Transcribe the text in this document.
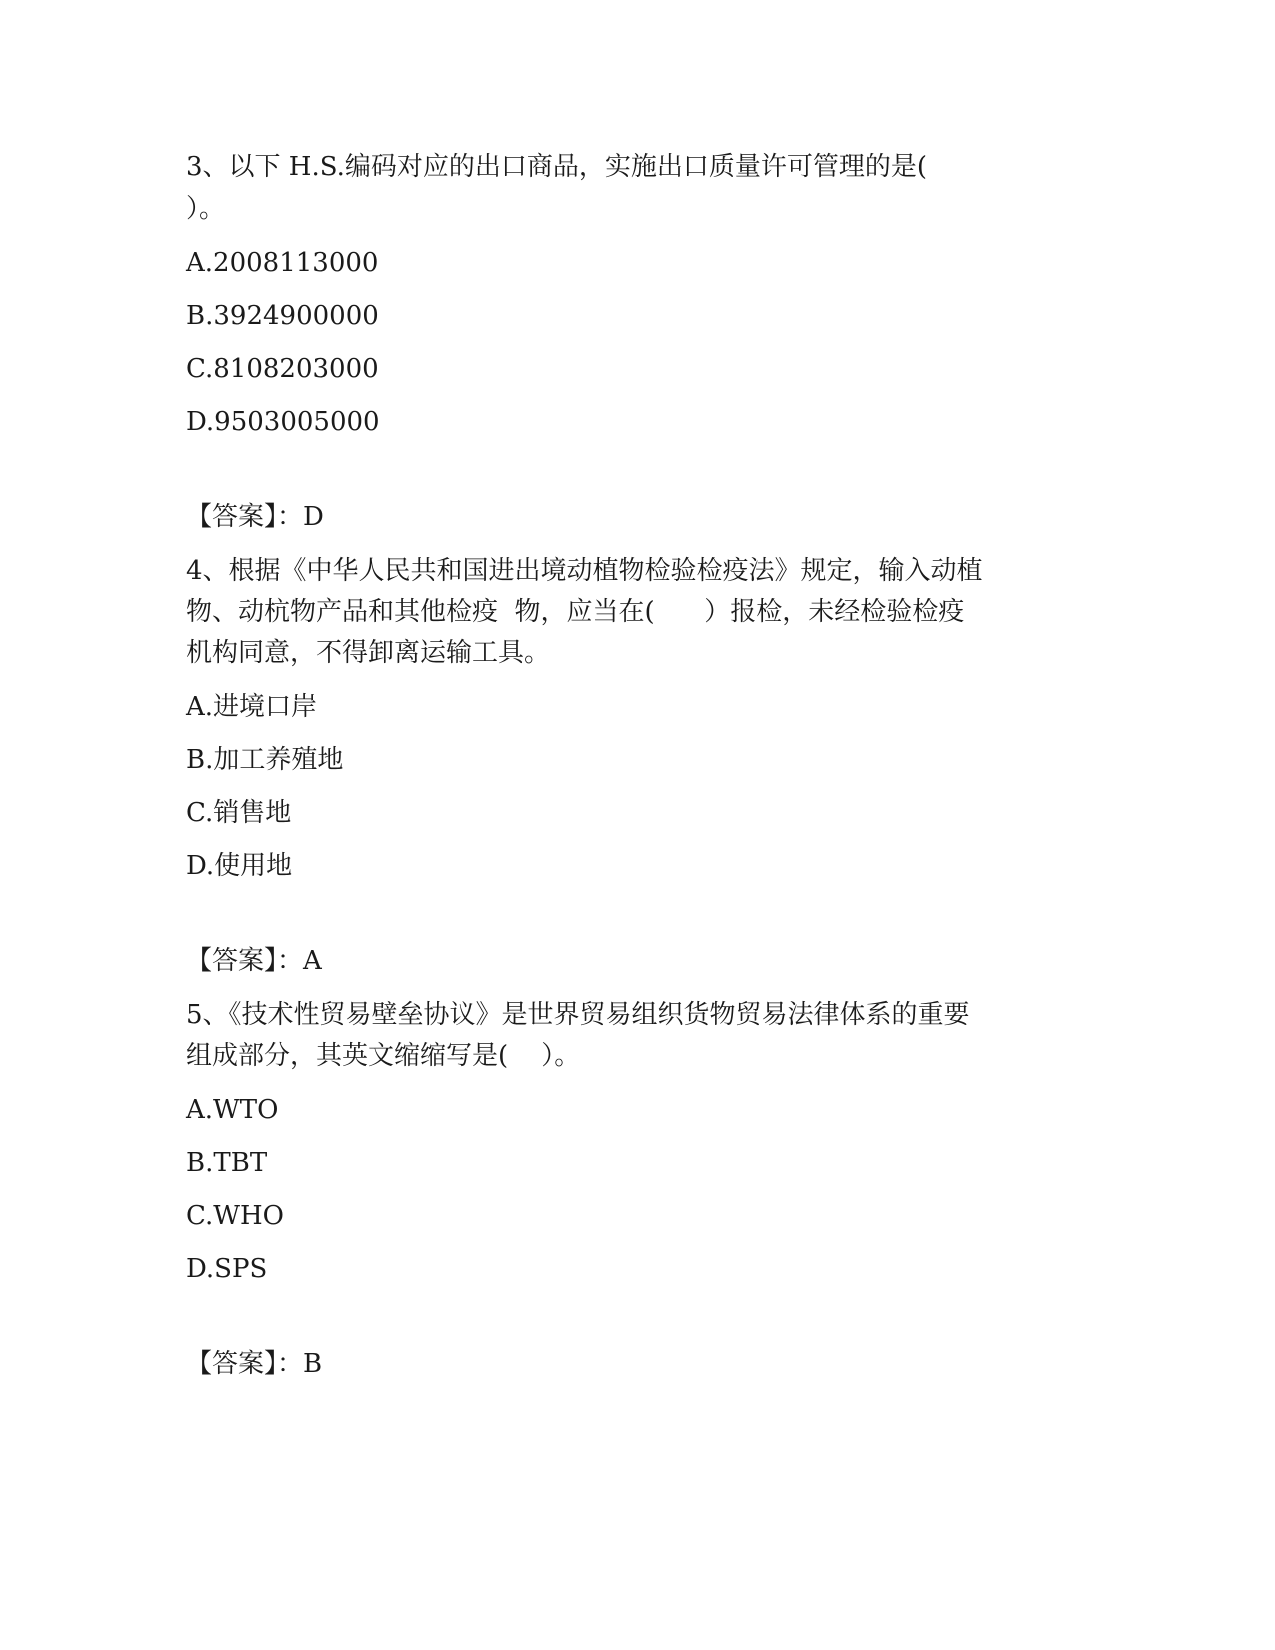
3、以下 H.S.编码对应的出口商品，实施出口质量许可管理的是(
）。
A.2008113000
B.3924900000
C.8108203000
D.9503005000
【答案】：D
4、根据《中华人民共和国进出境动植物检验检疫法》规定，输入动植
物、动杭物产品和其他检疫  物，应当在(      ）报检，未经检验检疫
机构同意，不得卸离运输工具。
A.进境口岸
B.加工养殖地
C.销售地
D.使用地
【答案】：A
5、《技术性贸易壁垒协议》是世界贸易组织货物贸易法律体系的重要
组成部分，其英文缩缩写是(    ）。
A.WTO
B.TBT
C.WHO
D.SPS
【答案】：B
